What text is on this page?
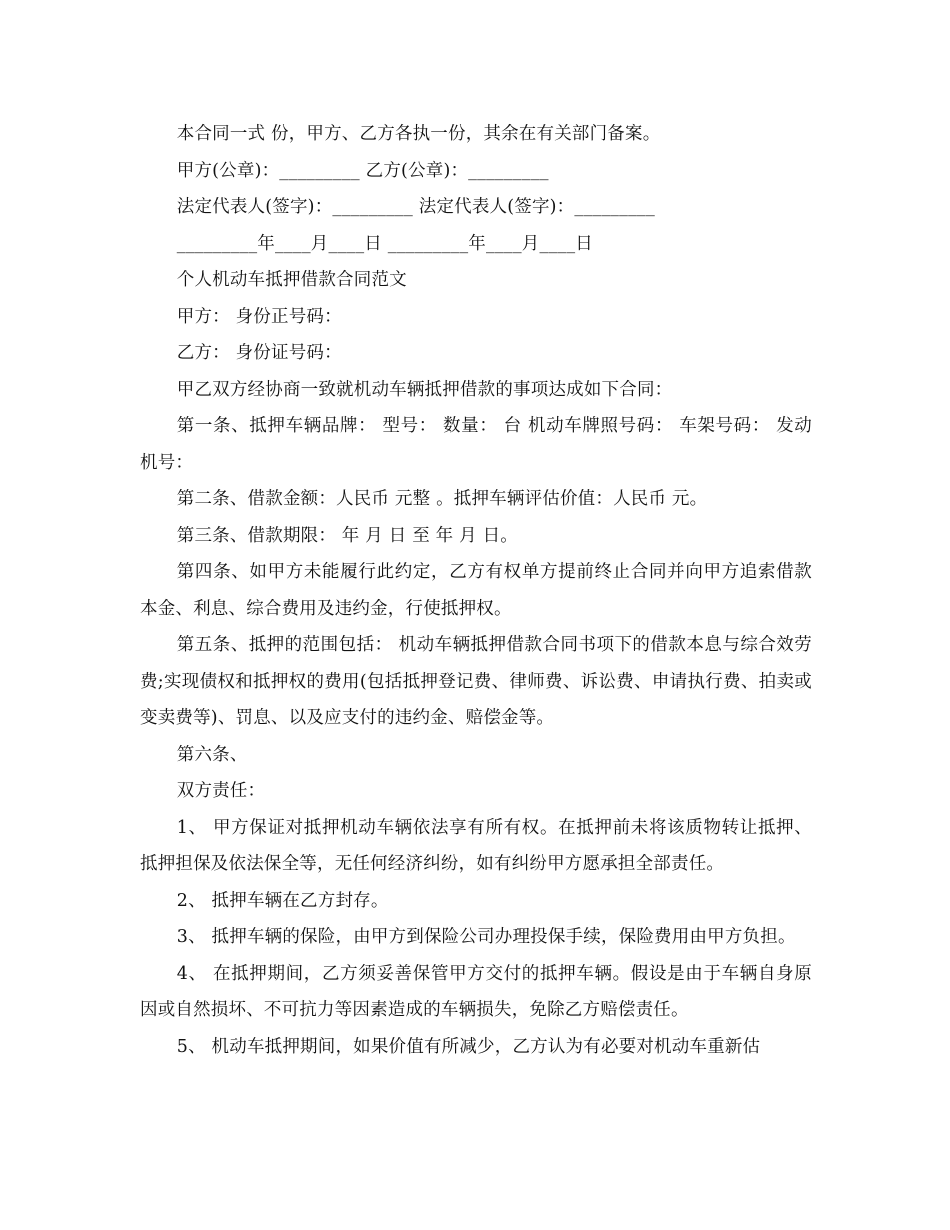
本合同一式 份，甲方、乙方各执一份，其余在有关部门备案。

甲方(公章)：_________ 乙方(公章)：_________

法定代表人(签字)：_________ 法定代表人(签字)：_________

_________年____月____日 _________年____月____日

个人机动车抵押借款合同范文

甲方： 身份正号码：

乙方： 身份证号码：

甲乙双方经协商一致就机动车辆抵押借款的事项达成如下合同：

第一条、抵押车辆品牌： 型号： 数量： 台 机动车牌照号码： 车架号码： 发动机号：

第二条、借款金额：人民币 元整 。抵押车辆评估价值：人民币 元。

第三条、借款期限： 年 月 日 至 年 月 日。

第四条、如甲方未能履行此约定，乙方有权单方提前终止合同并向甲方追索借款本金、利息、综合费用及违约金，行使抵押权。

第五条、抵押的范围包括： 机动车辆抵押借款合同书项下的借款本息与综合效劳费;实现债权和抵押权的费用(包括抵押登记费、律师费、诉讼费、申请执行费、拍卖或变卖费等)、罚息、以及应支付的违约金、赔偿金等。

第六条、

双方责任：

1、 甲方保证对抵押机动车辆依法享有所有权。在抵押前未将该质物转让抵押、抵押担保及依法保全等，无任何经济纠纷，如有纠纷甲方愿承担全部责任。

2、 抵押车辆在乙方封存。

3、 抵押车辆的保险，由甲方到保险公司办理投保手续，保险费用由甲方负担。

4、 在抵押期间，乙方须妥善保管甲方交付的抵押车辆。假设是由于车辆自身原因或自然损坏、不可抗力等因素造成的车辆损失，免除乙方赔偿责任。

5、 机动车抵押期间，如果价值有所减少，乙方认为有必要对机动车重新估
